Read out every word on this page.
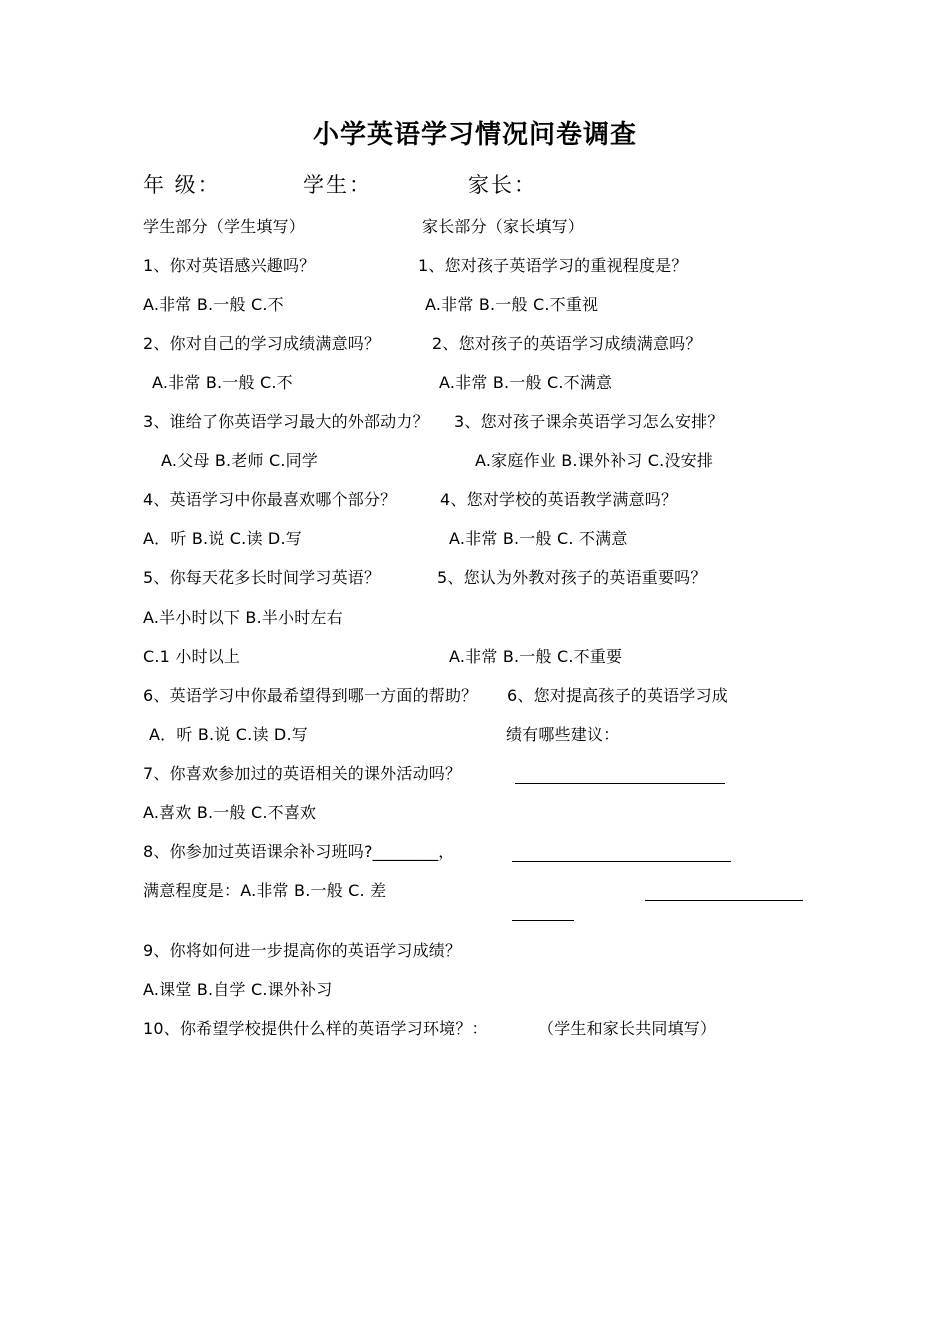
小学英语学习情况问卷调查
年 级：	学生：	家长：
学生部分（学生填写）	家长部分（家长填写）
1、你对英语感兴趣吗？	1、您对孩子英语学习的重视程度是？
A.非常 B.一般 C.不	A.非常 B.一般 C.不重视
2、你对自己的学习成绩满意吗？	2、您对孩子的英语学习成绩满意吗？
A.非常 B.一般 C.不	A.非常 B.一般 C.不满意
3、谁给了你英语学习最大的外部动力？ 3、您对孩子课余英语学习怎么安排？
A.父母 B.老师 C.同学	A.家庭作业 B.课外补习 C.没安排
4、英语学习中你最喜欢哪个部分？	4、您对学校的英语教学满意吗？
A．听 B.说 C.读 D.写	A.非常 B.一般 C. 不满意
5、你每天花多长时间学习英语？	5、您认为外教对孩子的英语重要吗？
A.半小时以下 B.半小时左右
C.1 小时以上	A.非常 B.一般 C.不重要
6、英语学习中你最希望得到哪一方面的帮助？ 6、您对提高孩子的英语学习成
A．听 B.说 C.读 D.写	绩有哪些建议：
7、你喜欢参加过的英语相关的课外活动吗？
A.喜欢 B.一般 C.不喜欢
8、你参加过英语课余补习班吗?________，
满意程度是：A.非常 B.一般 C. 差
9、你将如何进一步提高你的英语学习成绩？
A.课堂 B.自学 C.课外补习
10、你希望学校提供什么样的英语学习环境？：	（学生和家长共同填写）
